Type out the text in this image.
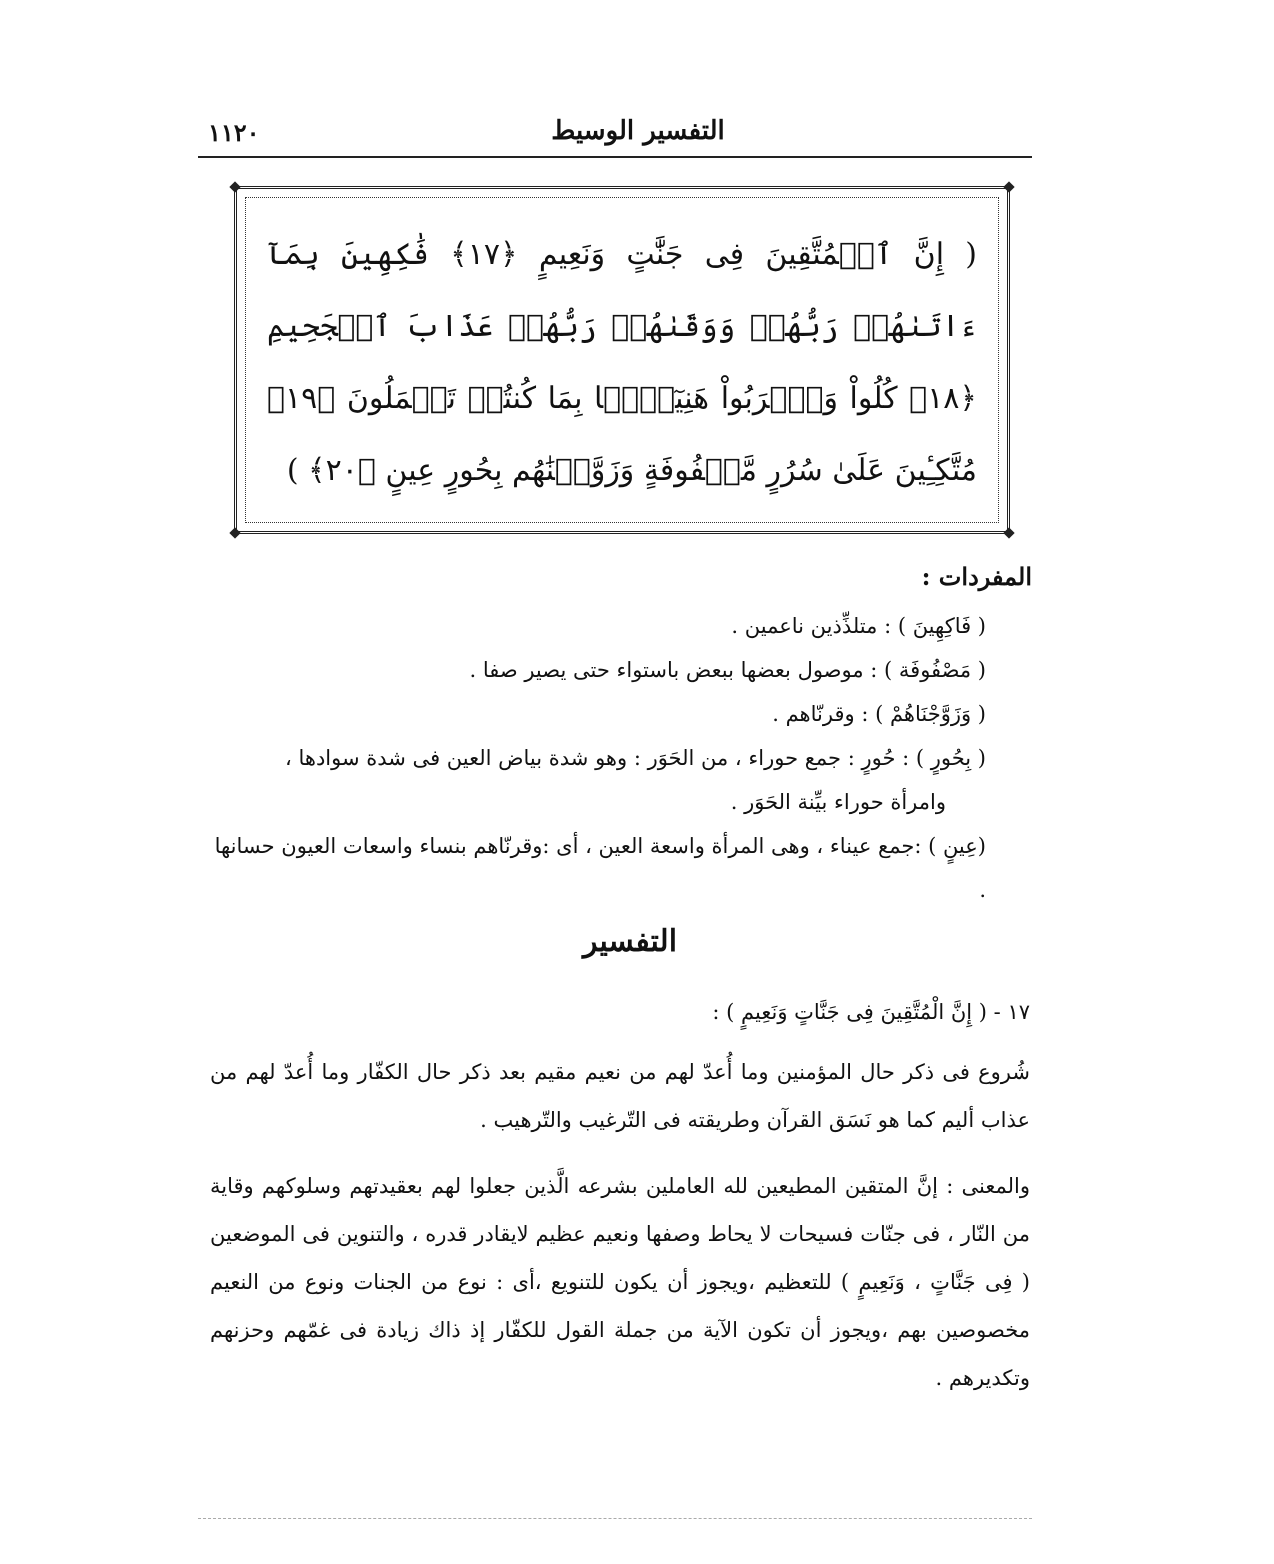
١١٢٠	التفسير الوسيط
( إِنَّ ٱلۡمُتَّقِينَ فِى جَنَّٰتٍ وَنَعِيمٍ ﴿١٧﴾ فَٰكِهِينَ بِمَآ ءَاتَىٰهُمۡ رَبُّهُمۡ وَوَقَىٰهُمۡ رَبُّهُمۡ عَذَابَ ٱلۡجَحِيمِ ﴿١٨﴾ كُلُواْ وَٱشۡرَبُواْ هَنِيٓـَٔۢا بِمَا كُنتُمۡ تَعۡمَلُونَ ﴿١٩﴾ مُتَّكِـِٔينَ عَلَىٰ سُرُرٍ مَّصۡفُوفَةٍ وَزَوَّجۡنَٰهُم بِحُورٍ عِينٍ ﴿٢٠﴾ )
المفردات :

( فَاكِهِينَ ) : متلذِّذين ناعمين .

( مَصْفُوفَة ) : موصول بعضها ببعض باستواء حتى يصير صفا .

( وَزَوَّجْنَاهُمْ ) : وقرنّاهم .

( بِحُورٍ ) : حُورٍ : جمع حوراء ، من الحَوَر : وهو شدة بياض العين فى شدة سوادها ،

وامرأة حوراء بيِّنة الحَوَر .

(عِينٍ ) :جمع عيناء ، وهى المرأة واسعة العين ، أى :وقرنّاهم بنساء واسعات العيون حسانها .

التفسير
١٧ - ( إِنَّ الْمُتَّقِينَ فِى جَنَّاتٍ وَنَعِيمٍ ) :
شُروع فى ذكر حال المؤمنين وما أُعدّ لهم من نعيم مقيم بعد ذكر حال الكفّار وما أُعدّ لهم من عذاب أليم كما هو نَسَق القرآن وطريقته فى التّرغيب والتّرهيب .
والمعنى : إنَّ المتقين المطيعين لله العاملين بشرعه الَّذين جعلوا لهم بعقيدتهم وسلوكهم وقاية من النّار ، فى جنّات فسيحات لا يحاط وصفها ونعيم عظيم لايقادر قدره ، والتنوين فى الموضعين ( فِى جَنَّاتٍ ، وَنَعِيمٍ ) للتعظيم ،ويجوز أن يكون للتنويع ،أى : نوع من الجنات ونوع من النعيم مخصوصين بهم ،ويجوز أن تكون الآية من جملة القول للكفّار إذ ذاك زيادة فى غمّهم وحزنهم وتكديرهم .
